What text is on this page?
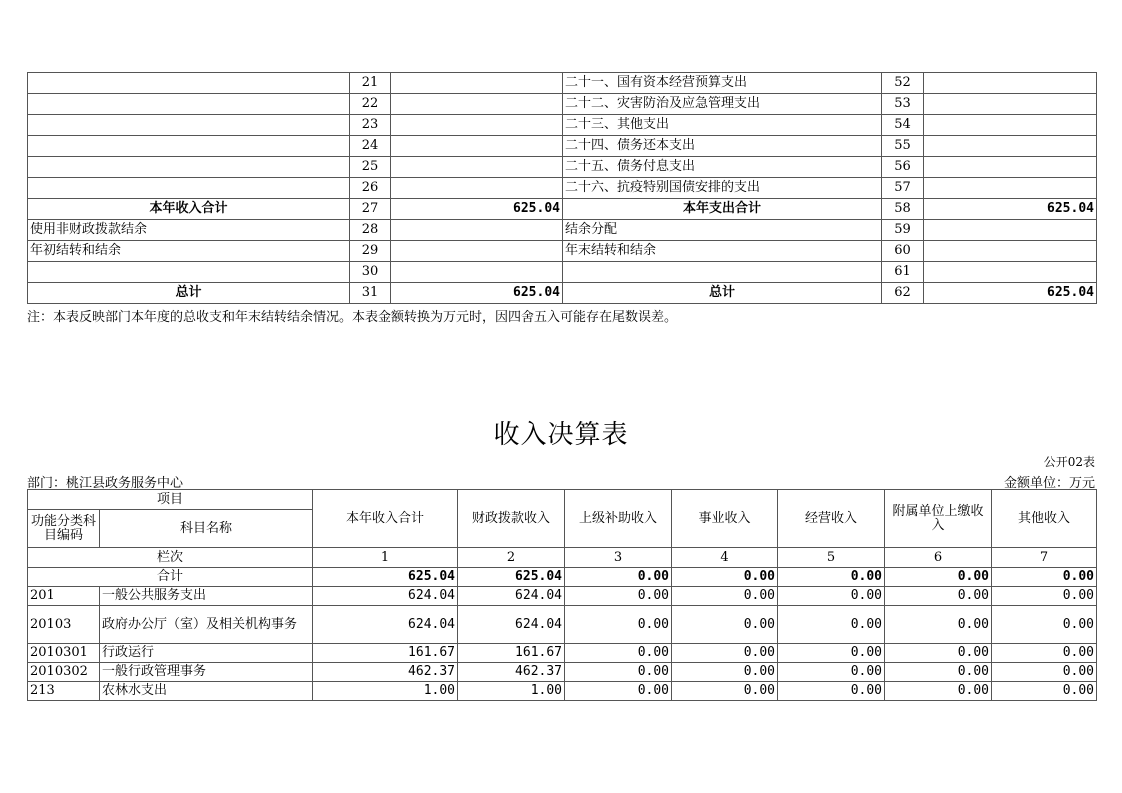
	21		二十一、国有资本经营预算支出	52	
	22		二十二、灾害防治及应急管理支出	53	
	23		二十三、其他支出	54	
	24		二十四、债务还本支出	55	
	25		二十五、债务付息支出	56	
	26		二十六、抗疫特别国债安排的支出	57	
本年收入合计	27	625.04	本年支出合计	58	625.04
使用非财政拨款结余	28		结余分配	59	
年初结转和结余	29		年末结转和结余	60	
	30			61	
总计	31	625.04	总计	62	625.04
注：本表反映部门本年度的总收支和年末结转结余情况。本表金额转换为万元时，因四舍五入可能存在尾数误差。
收入决算表
公开02表
部门：桃江县政务服务中心	金额单位：万元
项目		本年收入合计	财政拨款收入	上级补助收入	事业收入	经营收入	附属单位上缴收入	其他收入
功能分类科目编码	科目名称							
栏次		1	2	3	4	5	6	7
合计		625.04	625.04	0.00	0.00	0.00	0.00	0.00
201	一般公共服务支出	624.04	624.04	0.00	0.00	0.00	0.00	0.00
20103	政府办公厅（室）及相关机构事务	624.04	624.04	0.00	0.00	0.00	0.00	0.00
2010301	行政运行	161.67	161.67	0.00	0.00	0.00	0.00	0.00
2010302	一般行政管理事务	462.37	462.37	0.00	0.00	0.00	0.00	0.00
213	农林水支出	1.00	1.00	0.00	0.00	0.00	0.00	0.00
